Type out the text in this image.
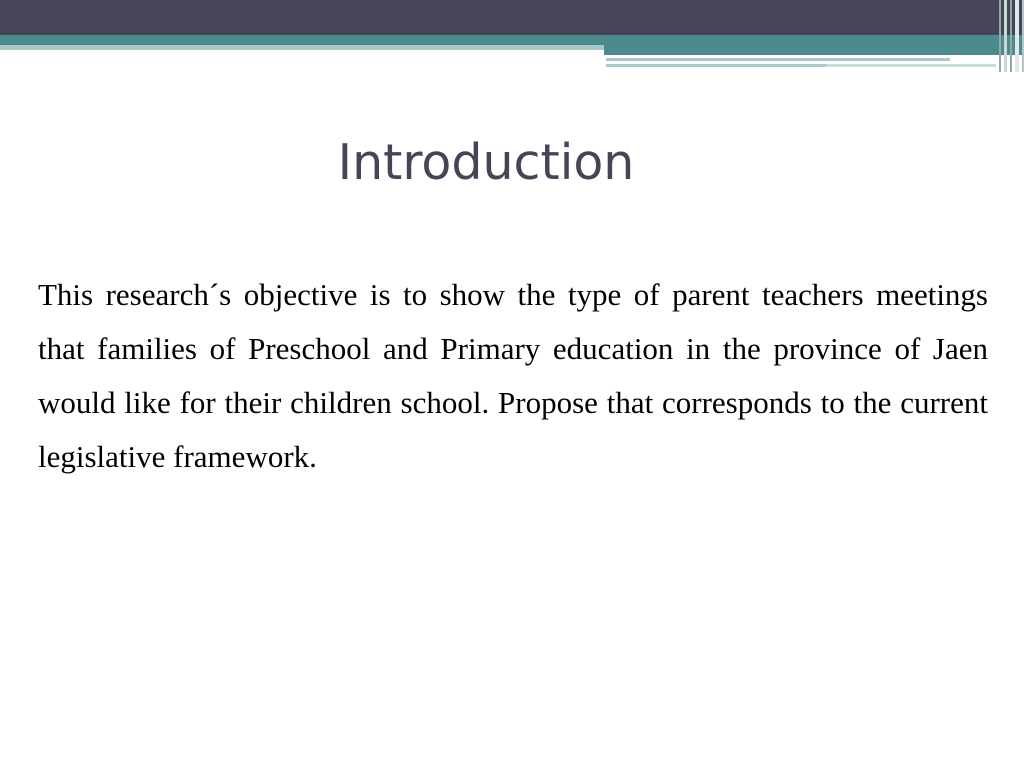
Introduction
This research´s objective is to show the type of parent teachers meetings that families of Preschool and Primary education in the province of Jaen would like for their children school. Propose that corresponds to the current legislative framework.
